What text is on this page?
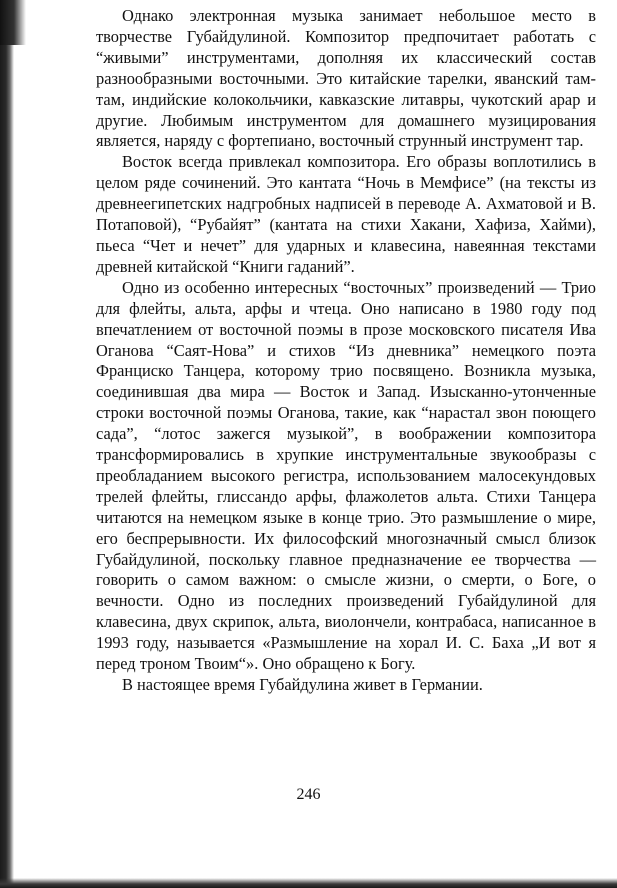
Однако электронная музыка занимает небольшое место в творчестве Губайдулиной. Композитор предпочитает работать с “живыми” инструментами, дополняя их классический состав разнообразными восточными. Это китайские тарелки, яванский там-там, индийские колокольчики, кавказские литавры, чукотский арар и другие. Любимым инструментом для домашнего музицирования является, наряду с фортепиано, восточный струнный инструмент тар.

Восток всегда привлекал композитора. Его образы воплотились в целом ряде сочинений. Это кантата “Ночь в Мемфисе” (на тексты из древнеегипетских надгробных надписей в переводе А. Ахматовой и В. Потаповой), “Рубайят” (кантата на стихи Хакани, Хафиза, Хайми), пьеса “Чет и нечет” для ударных и клавесина, навеянная текстами древней китайской “Книги гаданий”.

Одно из особенно интересных “восточных” произведений — Трио для флейты, альта, арфы и чтеца. Оно написано в 1980 году под впечатлением от восточной поэмы в прозе московского писателя Ива Оганова “Саят-Нова” и стихов “Из дневника” немецкого поэта Франциско Танцера, которому трио посвящено. Возникла музыка, соединившая два мира — Восток и Запад. Изысканно-утонченные строки восточной поэмы Оганова, такие, как “нарастал звон поющего сада”, “лотос зажегся музыкой”, в воображении композитора трансформировались в хрупкие инструментальные звукообразы с преобладанием высокого регистра, использованием малосекундовых трелей флейты, глиссандо арфы, флажолетов альта. Стихи Танцера читаются на немецком языке в конце трио. Это размышление о мире, его беспрерывности. Их философский многозначный смысл близок Губайдулиной, поскольку главное предназначение ее творчества — говорить о самом важном: о смысле жизни, о смерти, о Боге, о вечности. Одно из последних произведений Губайдулиной для клавесина, двух скрипок, альта, виолончели, контрабаса, написанное в 1993 году, называется «Размышление на хорал И. С. Баха „И вот я перед троном Твоим“». Оно обращено к Богу.

В настоящее время Губайдулина живет в Германии.

246
